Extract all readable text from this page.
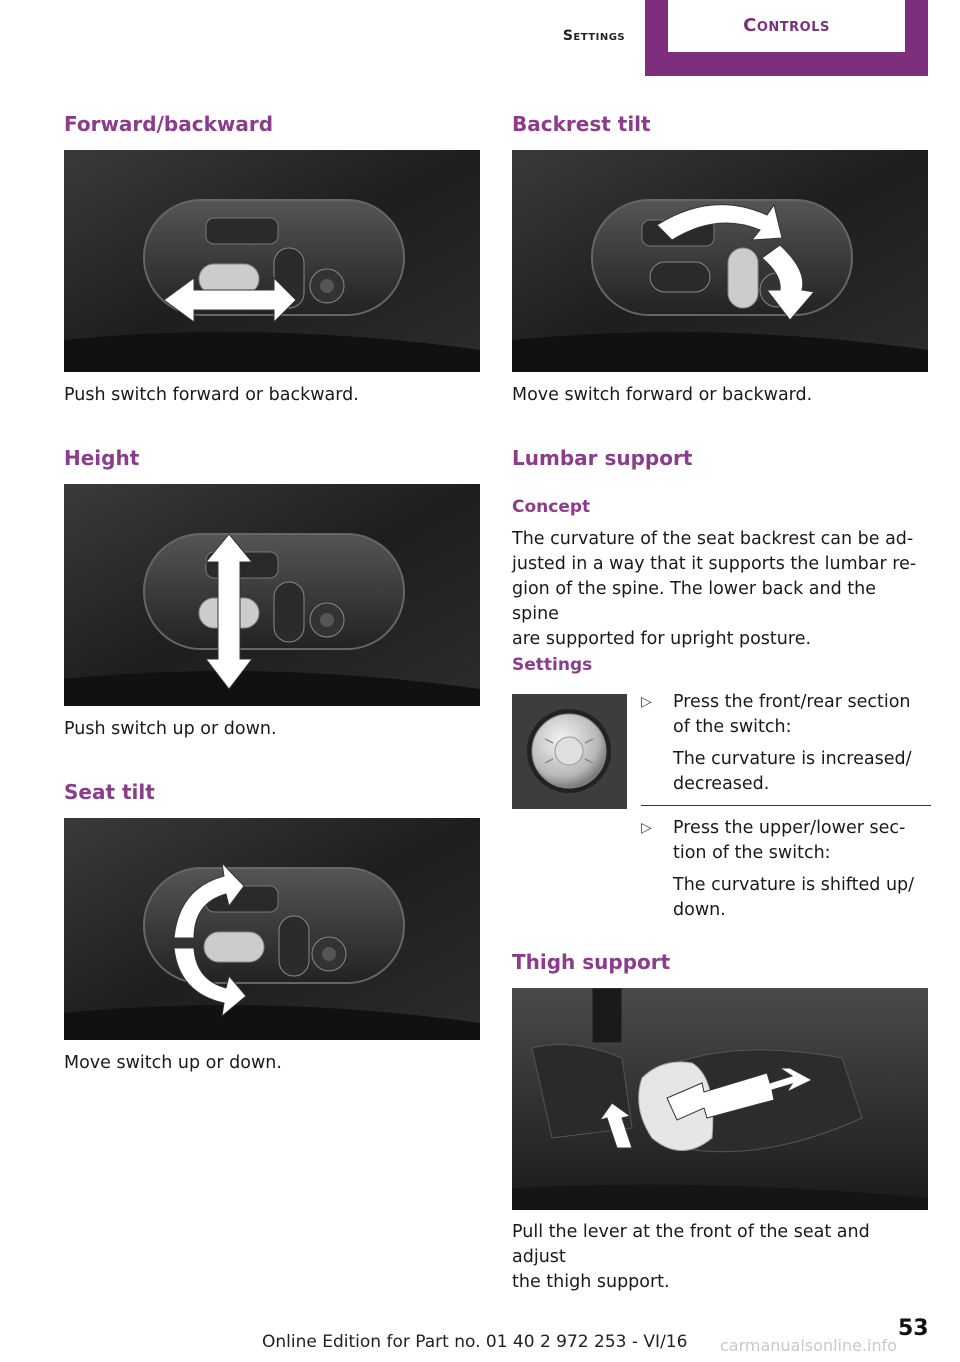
Settings	Controls
Forward/backward

Push switch forward or backward.

Height

Push switch up or down.

Seat tilt

Move switch up or down.

Backrest tilt

Move switch forward or backward.

Lumbar support
Concept
The curvature of the seat backrest can be ad-
justed in a way that it supports the lumbar re-
gion of the spine. The lower back and the spine
are supported for upright posture.
Settings
▷ Press the front/rear section
of the switch:
The curvature is increased/
decreased.
▷ Press the upper/lower sec-
tion of the switch:
The curvature is shifted up/
down.
Thigh support
Pull the lever at the front of the seat and adjust
the thigh support.
53
Online Edition for Part no. 01 40 2 972 253 - VI/16 carmanualsonline.info
